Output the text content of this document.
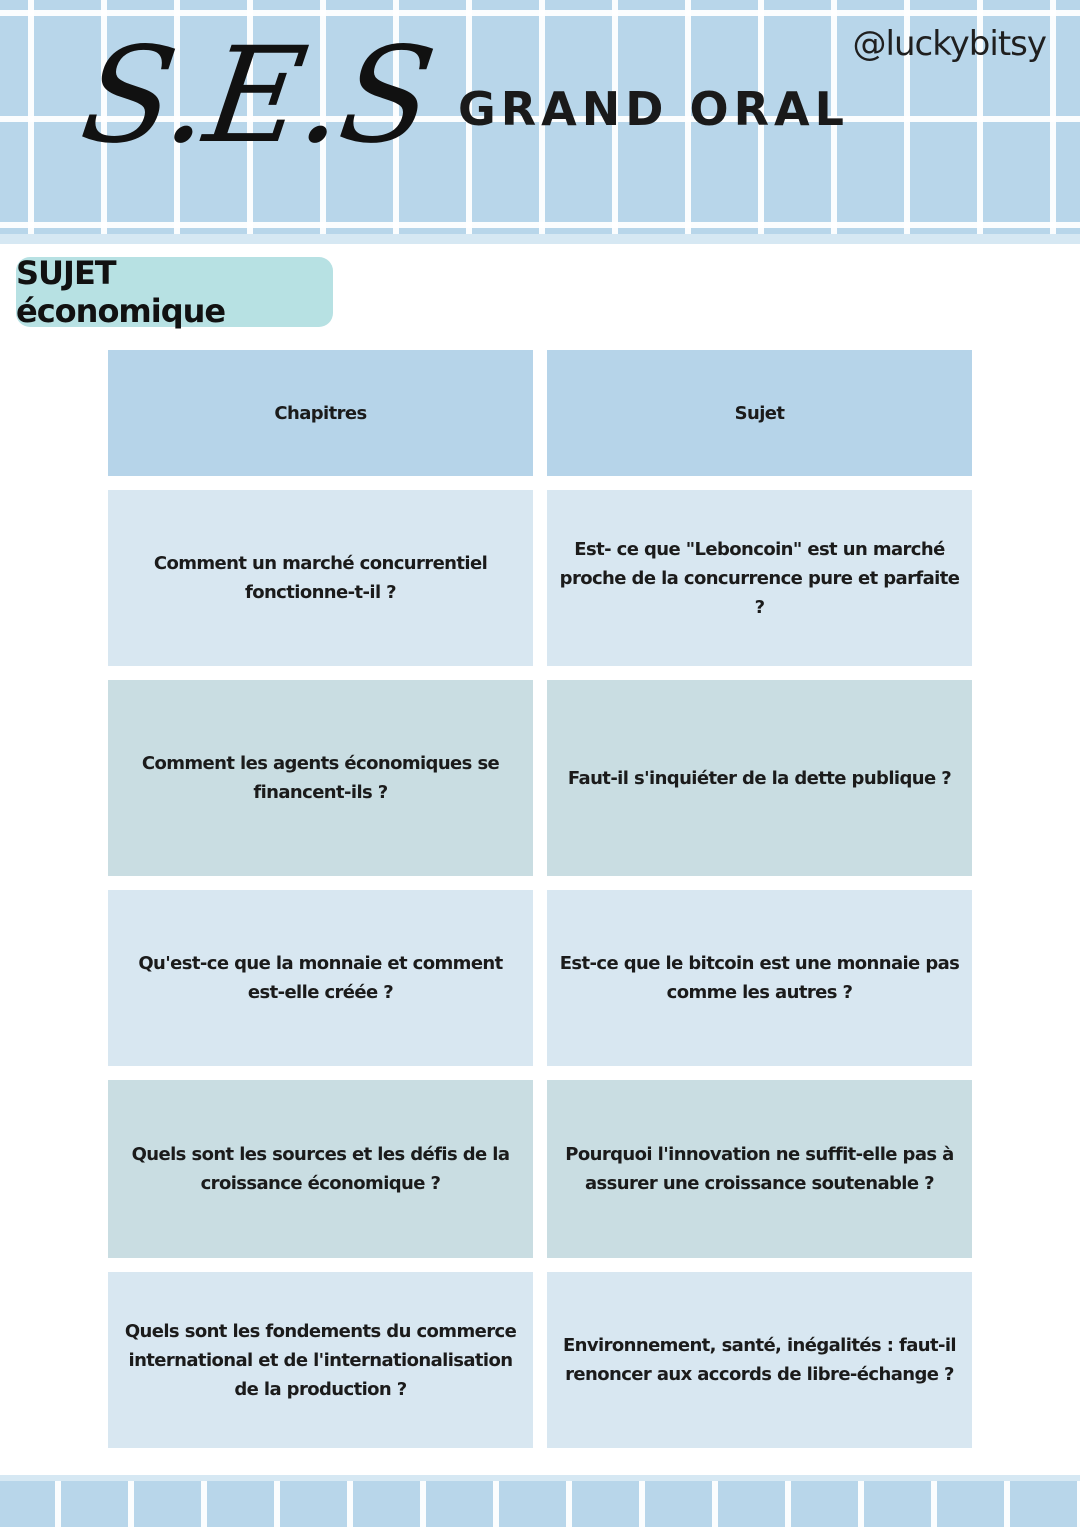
S.E.S GRAND ORAL
@luckybitsy
SUJET économique
Chapitres	Sujet
Comment un marché concurrentiel fonctionne-t-il ?
Est- ce que "Leboncoin" est un marché proche de la concurrence pure et parfaite ?
Comment les agents économiques se financent-ils ?
Faut-il s'inquiéter de la dette publique ?
Qu'est-ce que la monnaie et comment est-elle créée ?
Est-ce que le bitcoin est une monnaie pas comme les autres ?
Quels sont les sources et les défis de la croissance économique ?
Pourquoi l'innovation ne suffit-elle pas à assurer une croissance soutenable ?
Quels sont les fondements du commerce international et de l'internationalisation de la production ?
Environnement, santé, inégalités : faut-il renoncer aux accords de libre-échange ?
